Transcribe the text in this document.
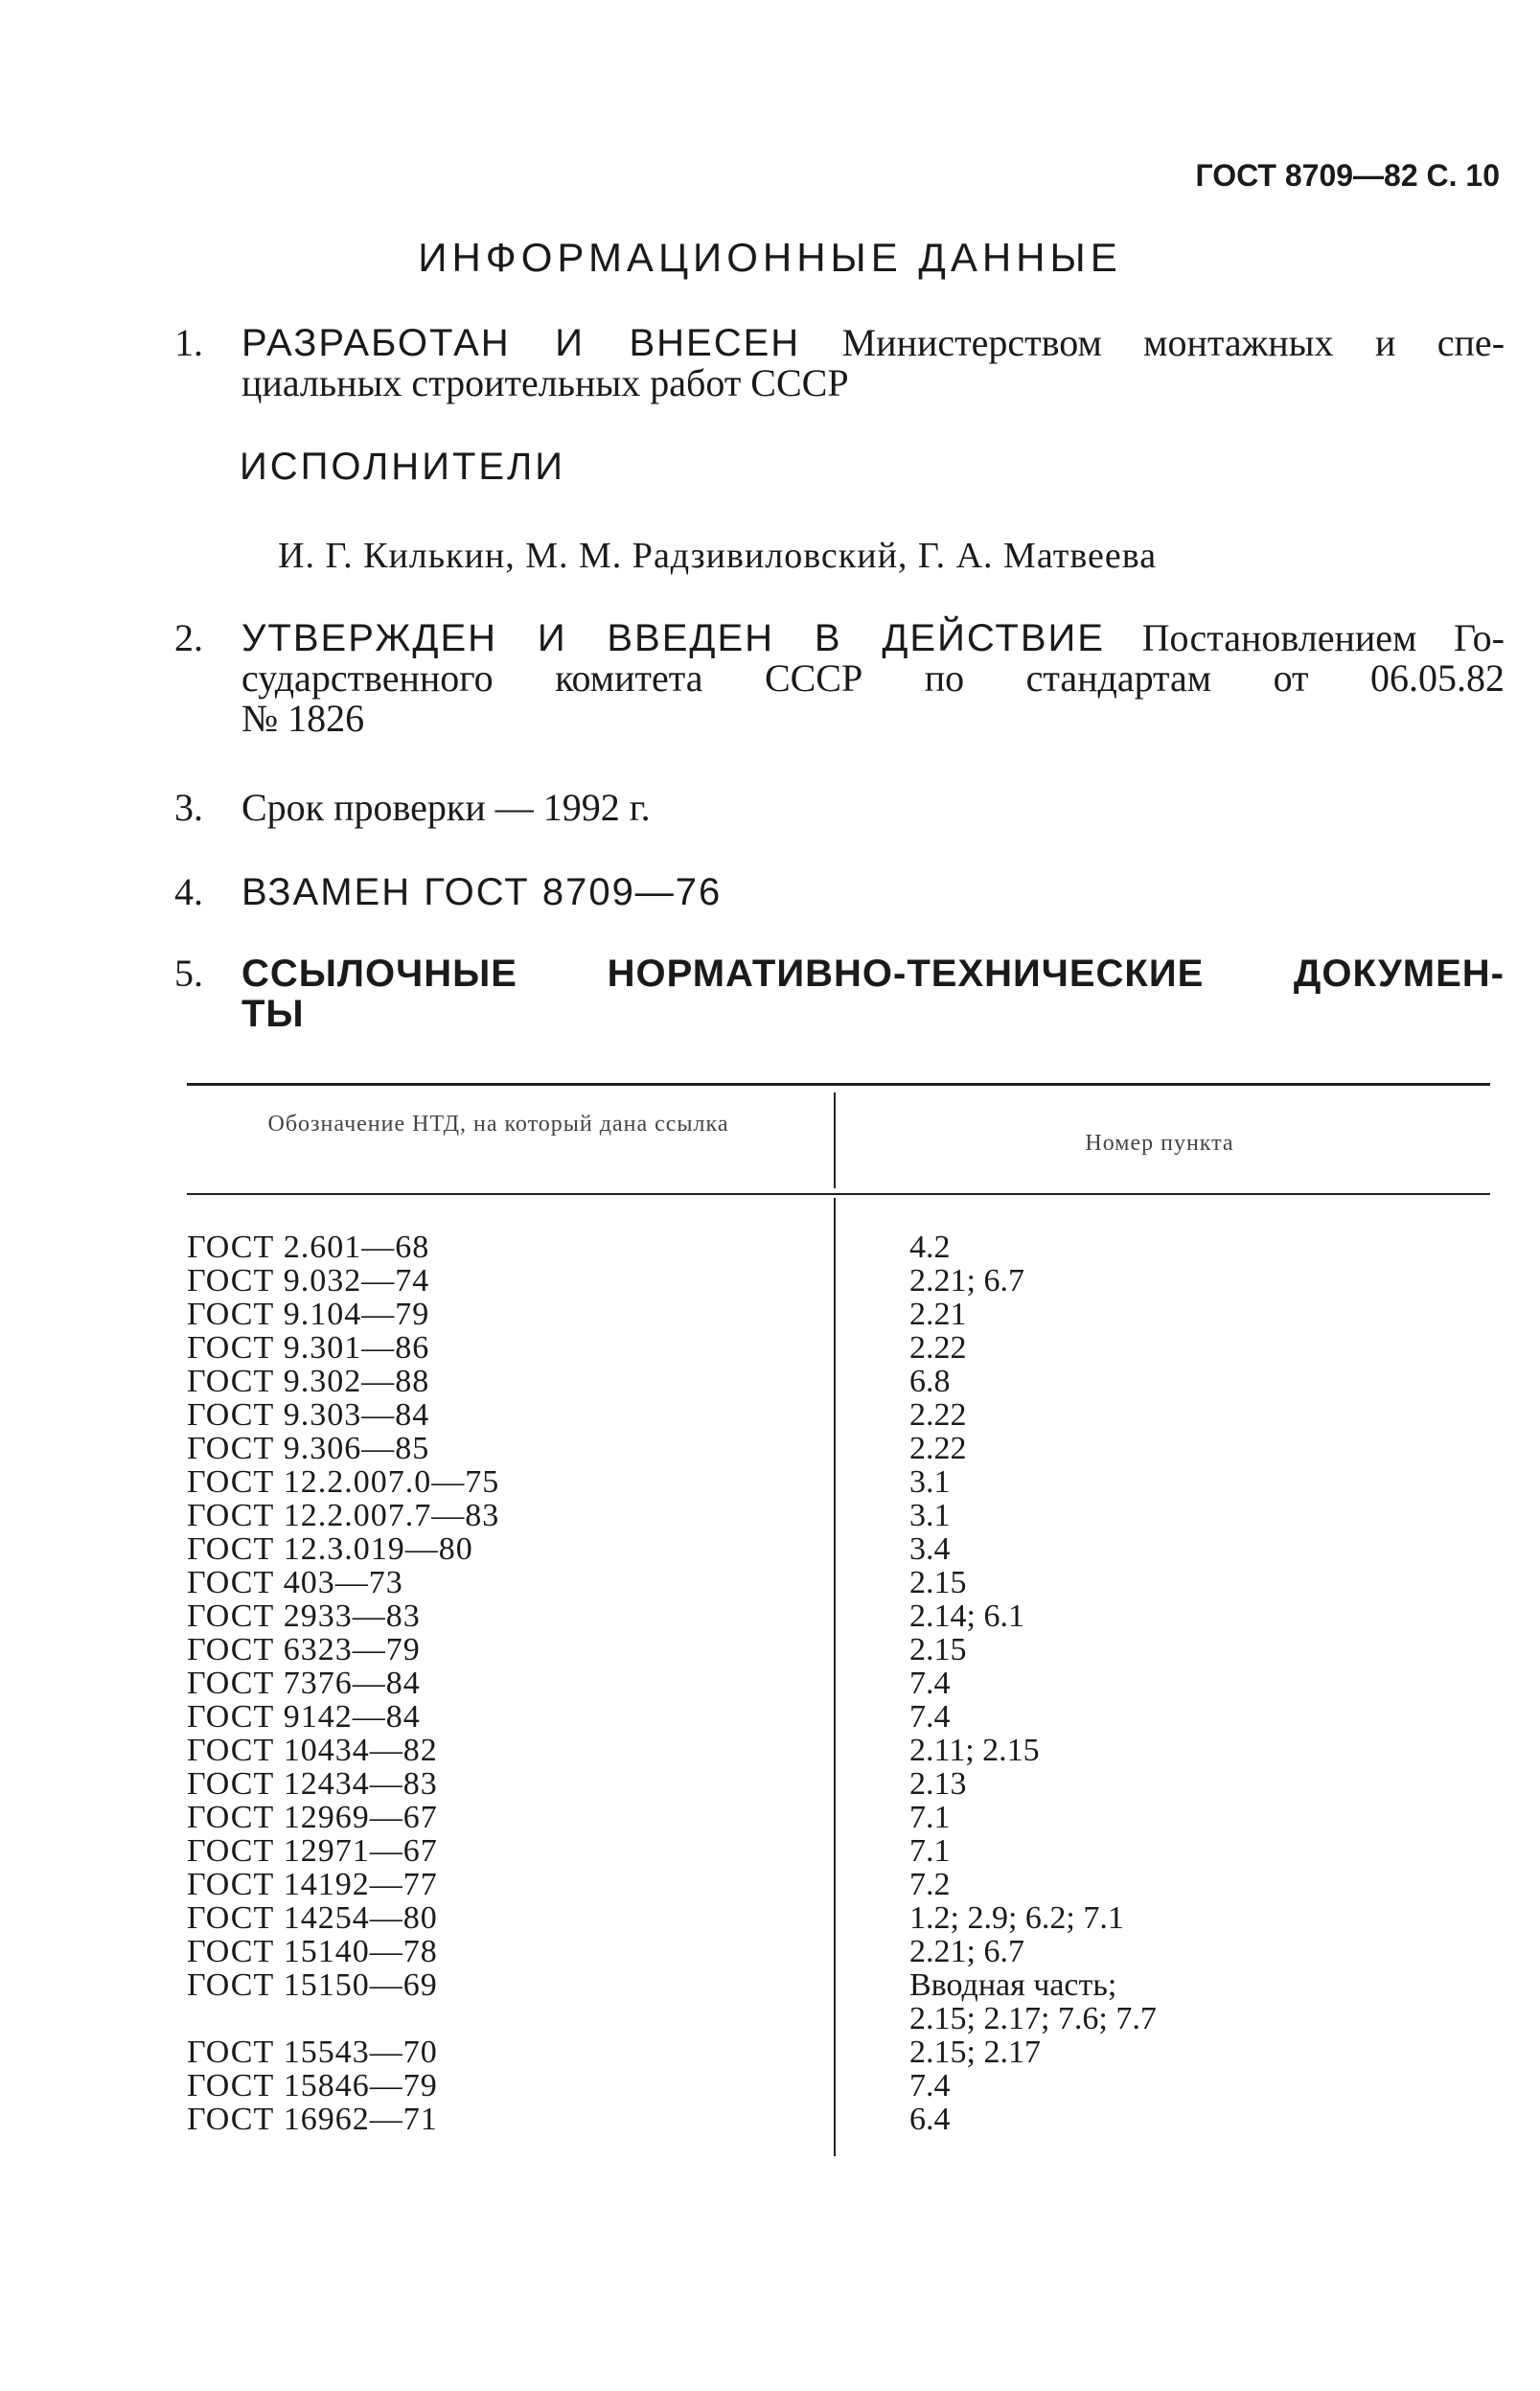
ГОСТ 8709—82 С. 10
ИНФОРМАЦИОННЫЕ ДАННЫЕ
1. РАЗРАБОТАН И ВНЕСЕН Министерством монтажных и спе-
циальных строительных работ СССР
ИСПОЛНИТЕЛИ
И. Г. Килькин, М. М. Радзивиловский, Г. А. Матвеева
2. УТВЕРЖДЕН И ВВЕДЕН В ДЕЙСТВИЕ Постановлением Го-
сударственного комитета СССР по стандартам от 06.05.82
№ 1826
3. Срок проверки — 1992 г.
4. ВЗАМЕН ГОСТ 8709—76
5. ССЫЛОЧНЫЕ НОРМАТИВНО-ТЕХНИЧЕСКИЕ ДОКУМЕН-
ТЫ
Обозначение НТД, на который дана ссылка
Номер пункта
ГОСТ 2.601—68	4.2
ГОСТ 9.032—74	2.21; 6.7
ГОСТ 9.104—79	2.21
ГОСТ 9.301—86	2.22
ГОСТ 9.302—88	6.8
ГОСТ 9.303—84	2.22
ГОСТ 9.306—85	2.22
ГОСТ 12.2.007.0—75	3.1
ГОСТ 12.2.007.7—83	3.1
ГОСТ 12.3.019—80	3.4
ГОСТ 403—73	2.15
ГОСТ 2933—83	2.14; 6.1
ГОСТ 6323—79	2.15
ГОСТ 7376—84	7.4
ГОСТ 9142—84	7.4
ГОСТ 10434—82	2.11; 2.15
ГОСТ 12434—83	2.13
ГОСТ 12969—67	7.1
ГОСТ 12971—67	7.1
ГОСТ 14192—77	7.2
ГОСТ 14254—80	1.2; 2.9; 6.2; 7.1
ГОСТ 15140—78	2.21; 6.7
ГОСТ 15150—69	Вводная часть; 2.15; 2.17; 7.6; 7.7
ГОСТ 15543—70	2.15; 2.17
ГОСТ 15846—79	7.4
ГОСТ 16962—71	6.4
